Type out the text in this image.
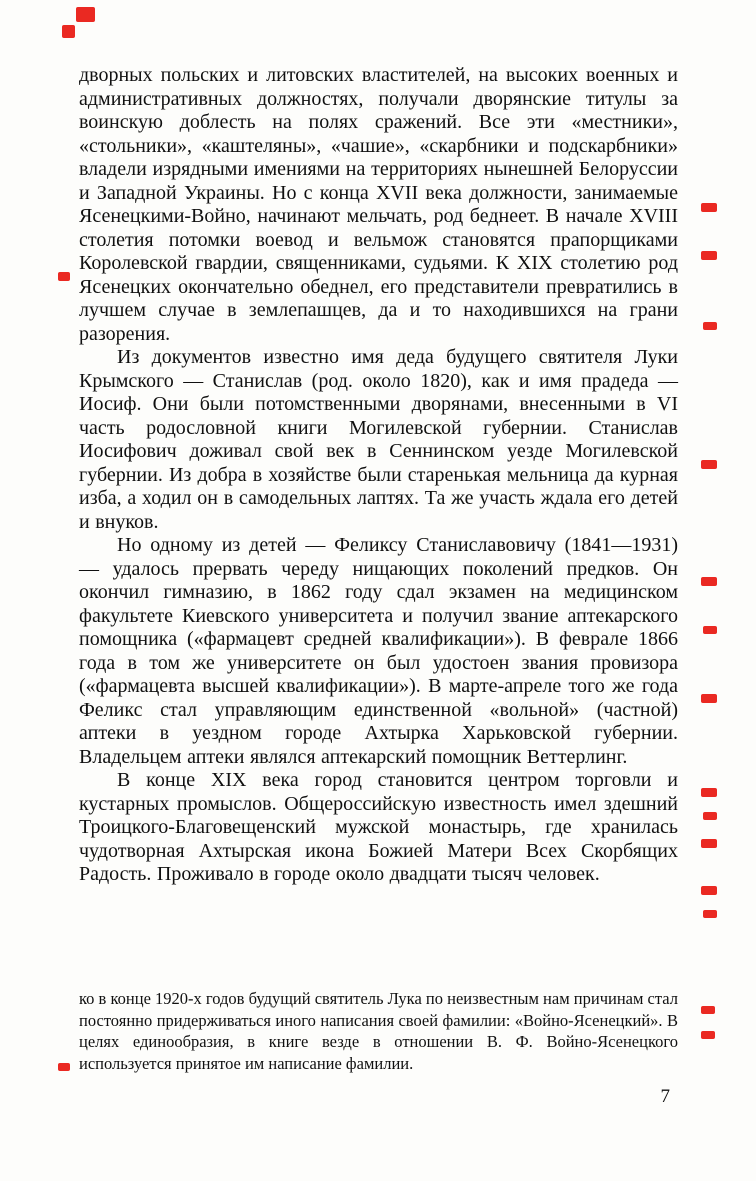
дворных польских и литовских властителей, на высоких военных и административных должностях, получали дворянские титулы за воинскую доблесть на полях сражений. Все эти «местники», «стольники», «каштеляны», «чашие», «скарбники и подскарбники» владели изрядными имениями на территориях нынешней Белоруссии и Западной Украины. Но с конца XVII века должности, занимаемые Ясенецкими-Войно, начинают мельчать, род беднеет. В начале XVIII столетия потомки воевод и вельмож становятся прапорщиками Королевской гвардии, священниками, судьями. К XIX столетию род Ясенецких окончательно обеднел, его представители превратились в лучшем случае в землепашцев, да и то находившихся на грани разорения.

Из документов известно имя деда будущего святителя Луки Крымского — Станислав (род. около 1820), как и имя прадеда — Иосиф. Они были потомственными дворянами, внесенными в VI часть родословной книги Могилевской губернии. Станислав Иосифович доживал свой век в Сеннинском уезде Могилевской губернии. Из добра в хозяйстве были старенькая мельница да курная изба, а ходил он в самодельных лаптях. Та же участь ждала его детей и внуков.

Но одному из детей — Феликсу Станиславовичу (1841—1931) — удалось прервать череду нищающих поколений предков. Он окончил гимназию, в 1862 году сдал экзамен на медицинском факультете Киевского университета и получил звание аптекарского помощника («фармацевт средней квалификации»). В феврале 1866 года в том же университете он был удостоен звания провизора («фармацевта высшей квалификации»). В марте-апреле того же года Феликс стал управляющим единственной «вольной» (частной) аптеки в уездном городе Ахтырка Харьковской губернии. Владельцем аптеки являлся аптекарский помощник Веттерлинг.

В конце XIX века город становится центром торговли и кустарных промыслов. Общероссийскую известность имел здешний Троицкого-Благовещенский мужской монастырь, где хранилась чудотворная Ахтырская икона Божией Матери Всех Скорбящих Радость. Проживало в городе около двадцати тысяч человек.

ко в конце 1920-х годов будущий святитель Лука по неизвестным нам причинам стал постоянно придерживаться иного написания своей фамилии: «Войно-Ясенецкий». В целях единообразия, в книге везде в отношении В. Ф. Войно-Ясенецкого используется принятое им написание фамилии.

7
